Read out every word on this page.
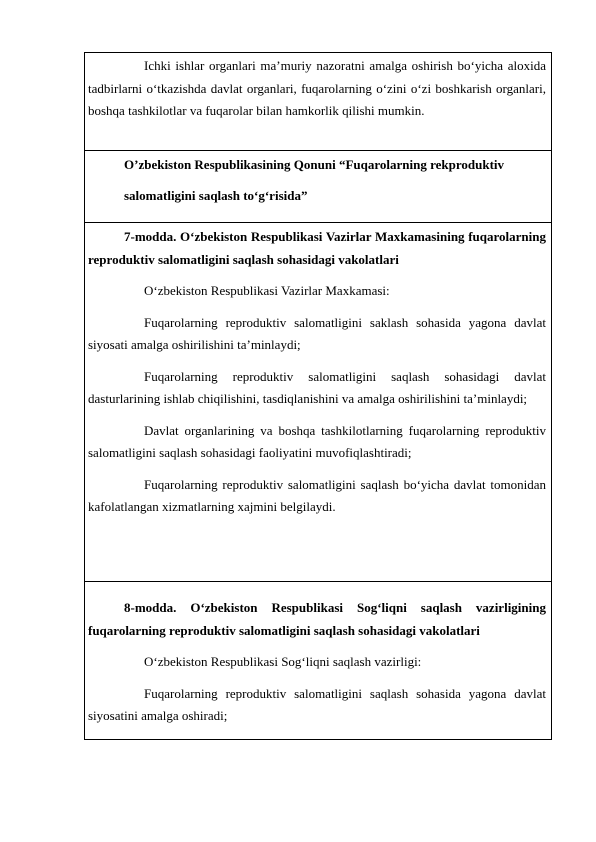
Ichki ishlar organlari ma’muriy nazoratni amalga oshirish bo‘yicha aloxida tadbirlarni o‘tkazishda davlat organlari, fuqarolarning o‘zini o‘zi boshkarish organlari, boshqa tashkilotlar va fuqarolar bilan hamkorlik qilishi mumkin.

O’zbekiston Respublikasining Qonuni “Fuqarolarning rekproduktiv

salomatligini saqlash to‘g‘risida”

7-modda. O‘zbekiston Respublikasi Vazirlar Maxkamasining fuqarolarning reproduktiv salomatligini saqlash sohasidagi vakolatlari

O‘zbekiston Respublikasi Vazirlar Maxkamasi:

Fuqarolarning reproduktiv salomatligini saklash sohasida yagona davlat siyosati amalga oshirilishini ta’minlaydi;

Fuqarolarning reproduktiv salomatligini saqlash sohasidagi davlat dasturlarining ishlab chiqilishini, tasdiqlanishini va amalga oshirilishini ta’minlaydi;

Davlat organlarining va boshqa tashkilotlarning fuqarolarning reproduktiv salomatligini saqlash sohasidagi faoliyatini muvofiqlashtiradi;

Fuqarolarning reproduktiv salomatligini saqlash bo‘yicha davlat tomonidan kafolatlangan xizmatlarning xajmini belgilaydi.

8-modda. O‘zbekiston Respublikasi Sog‘liqni saqlash vazirligining fuqarolarning reproduktiv salomatligini saqlash sohasidagi vakolatlari

O‘zbekiston Respublikasi Sog‘liqni saqlash vazirligi:

Fuqarolarning reproduktiv salomatligini saqlash sohasida yagona davlat siyosatini amalga oshiradi;
